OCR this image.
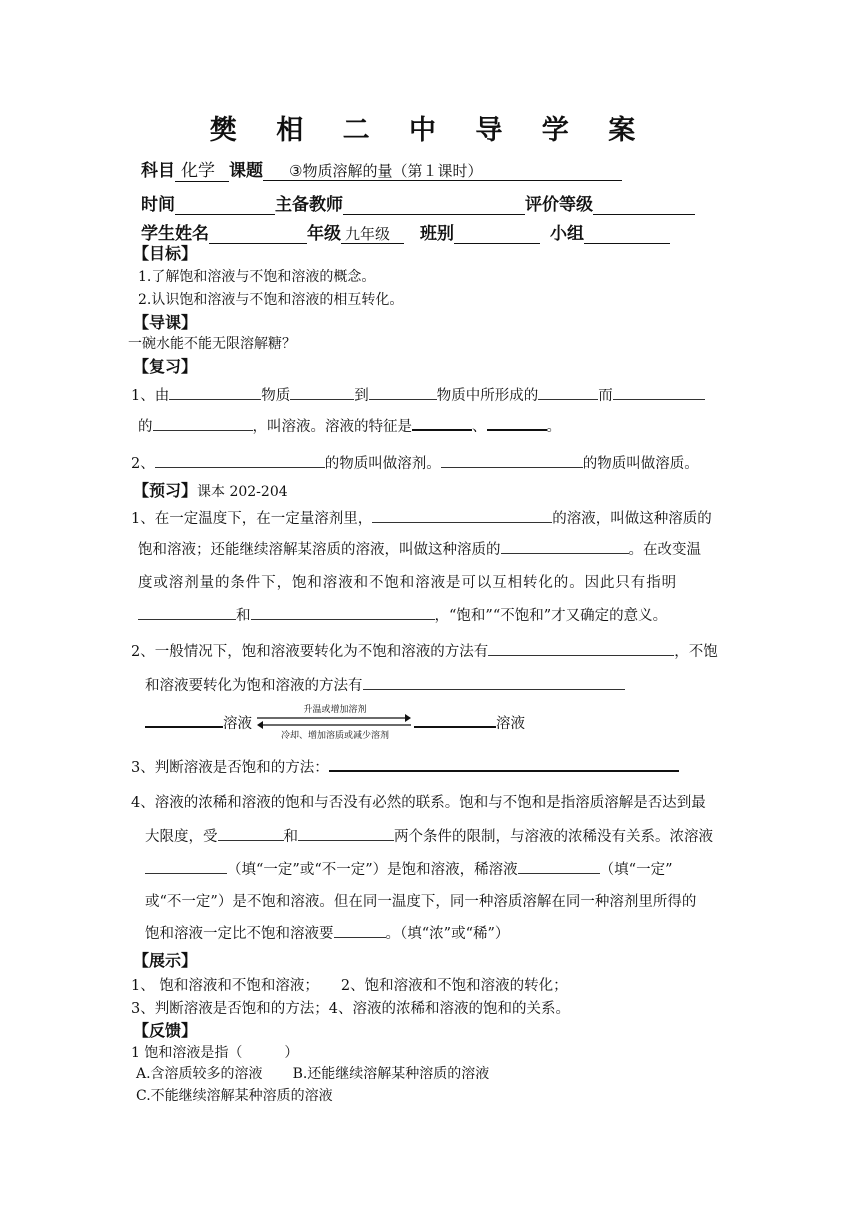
樊 相 二 中 导 学 案
科目 化学 课题 ③物质溶解的量（第１课时）
时间	主备教师	评价等级
学生姓名	年级 九年级 班别	小组
【目标】
1.了解饱和溶液与不饱和溶液的概念。
2.认识饱和溶液与不饱和溶液的相互转化。
【导课】
一碗水能不能无限溶解糖？
【复习】
1、由	物质	到	物质中所形成的	而
的	，叫溶液。溶液的特征是	、	。
2、	的物质叫做溶剂。	的物质叫做溶质。
【预习】课本 202-204
1、在一定温度下，在一定量溶剂里，	的溶液，叫做这种溶质的
饱和溶液；还能继续溶解某溶质的溶液，叫做这种溶质的	。在改变温
度或溶剂量的条件下，饱和溶液和不饱和溶液是可以互相转化的。因此只有指明
和	，“饱和”“不饱和”才又确定的意义。
2、一般情况下，饱和溶液要转化为不饱和溶液的方法有	，不饱
和溶液要转化为饱和溶液的方法有
溶液
升温或增加溶剂
冷却、增加溶质或减少溶剂
溶液
3、判断溶液是否饱和的方法：
4、溶液的浓稀和溶液的饱和与否没有必然的联系。饱和与不饱和是指溶质溶解是否达到最
大限度，受	和	两个条件的限制，与溶液的浓稀没有关系。浓溶液
（填“一定”或“不一定”）是饱和溶液，稀溶液	（填“一定”
或“不一定”）是不饱和溶液。但在同一温度下，同一种溶质溶解在同一种溶剂里所得的
饱和溶液一定比不饱和溶液要	。（填“浓”或“稀”）
【展示】
1、 饱和溶液和不饱和溶液； 2、饱和溶液和不饱和溶液的转化；
3、判断溶液是否饱和的方法；4、溶液的浓稀和溶液的饱和的关系。
【反馈】
1 饱和溶液是指（　　　）
A.含溶质较多的溶液 B.还能继续溶解某种溶质的溶液
C.不能继续溶解某种溶质的溶液
